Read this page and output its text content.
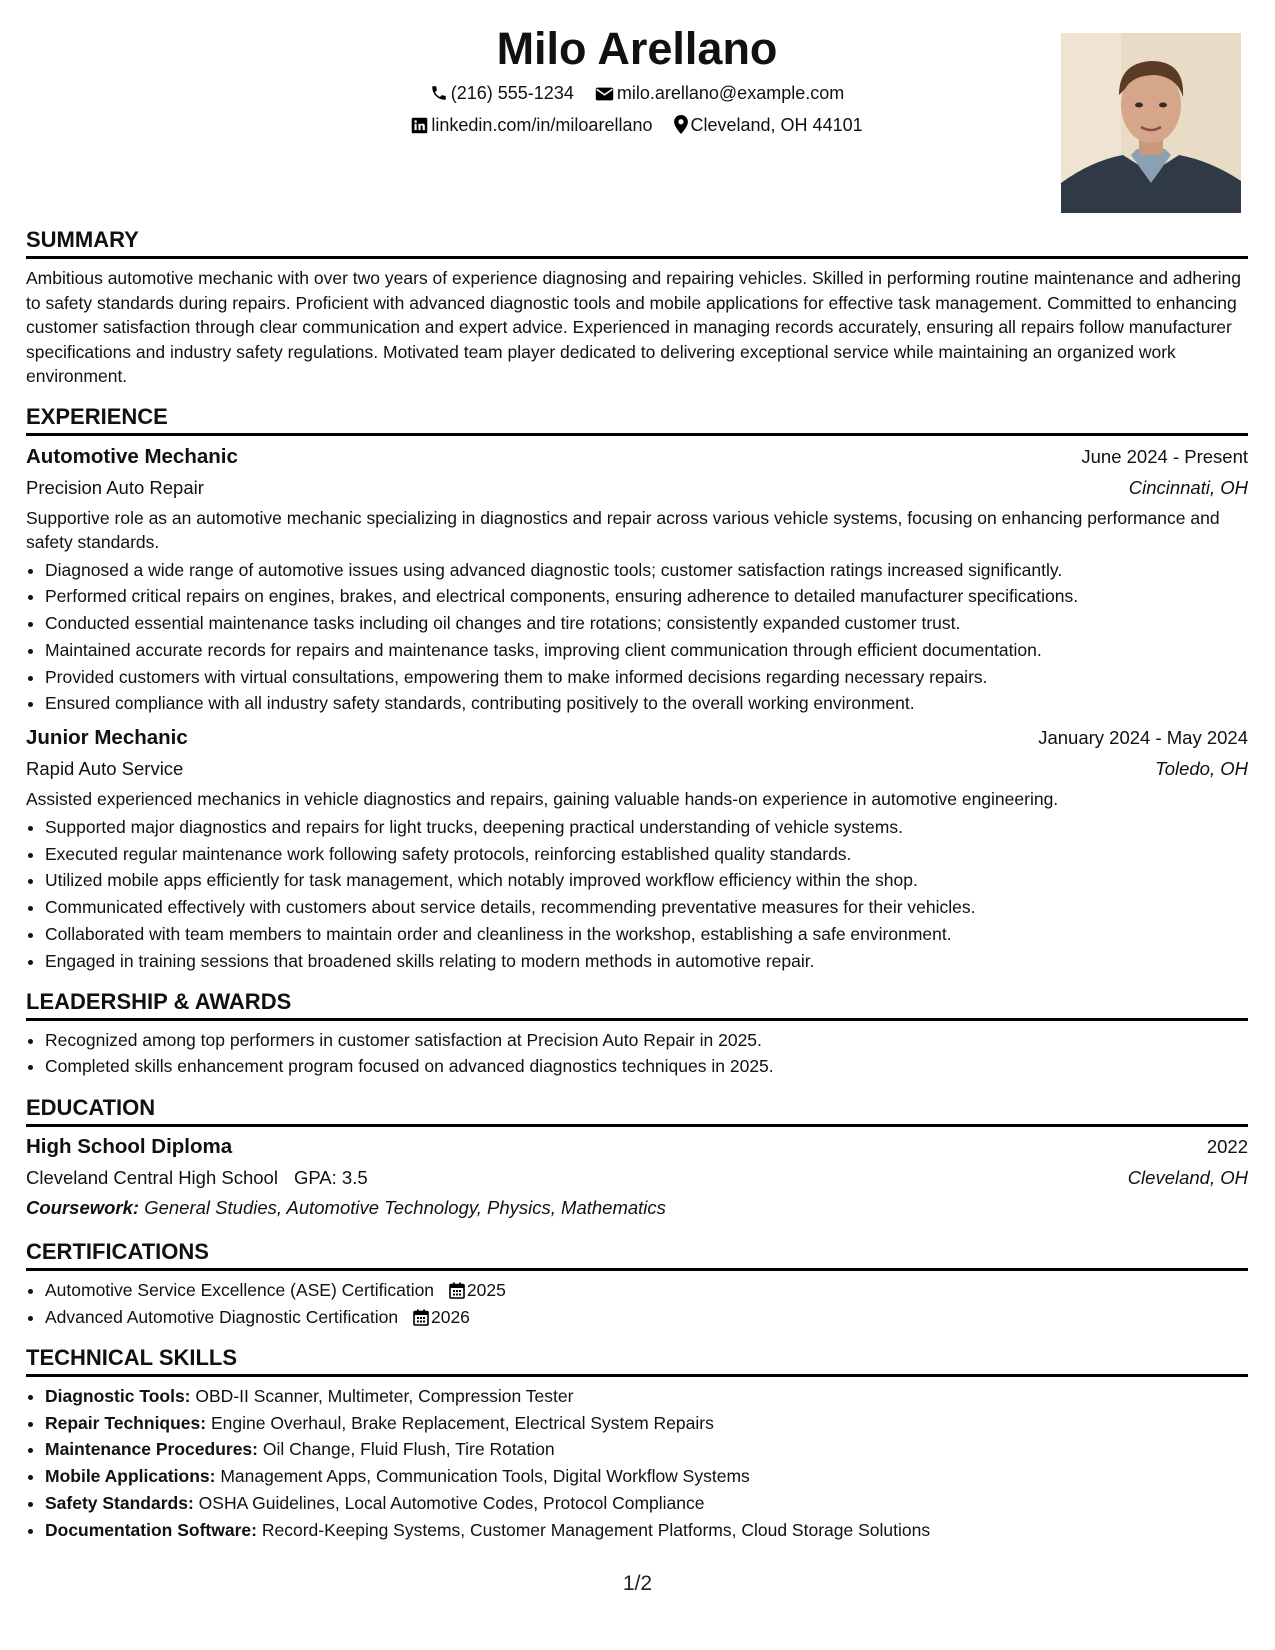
Milo Arellano
(216) 555-1234 milo.arellano@example.com
linkedin.com/in/miloarellano Cleveland, OH 44101
SUMMARY

Ambitious automotive mechanic with over two years of experience diagnosing and repairing vehicles. Skilled in performing routine maintenance and adhering to safety standards during repairs. Proficient with advanced diagnostic tools and mobile applications for effective task management. Committed to enhancing customer satisfaction through clear communication and expert advice. Experienced in managing records accurately, ensuring all repairs follow manufacturer specifications and industry safety regulations. Motivated team player dedicated to delivering exceptional service while maintaining an organized work environment.

EXPERIENCE
Automotive Mechanic	June 2024 - Present
Precision Auto Repair	Cincinnati, OH

Supportive role as an automotive mechanic specializing in diagnostics and repair across various vehicle systems, focusing on enhancing performance and safety standards.

• Diagnosed a wide range of automotive issues using advanced diagnostic tools; customer satisfaction ratings increased significantly.
• Performed critical repairs on engines, brakes, and electrical components, ensuring adherence to detailed manufacturer specifications.
• Conducted essential maintenance tasks including oil changes and tire rotations; consistently expanded customer trust.
• Maintained accurate records for repairs and maintenance tasks, improving client communication through efficient documentation.
• Provided customers with virtual consultations, empowering them to make informed decisions regarding necessary repairs.
• Ensured compliance with all industry safety standards, contributing positively to the overall working environment.
Junior Mechanic	January 2024 - May 2024
Rapid Auto Service	Toledo, OH

Assisted experienced mechanics in vehicle diagnostics and repairs, gaining valuable hands-on experience in automotive engineering.

• Supported major diagnostics and repairs for light trucks, deepening practical understanding of vehicle systems.
• Executed regular maintenance work following safety protocols, reinforcing established quality standards.
• Utilized mobile apps efficiently for task management, which notably improved workflow efficiency within the shop.
• Communicated effectively with customers about service details, recommending preventative measures for their vehicles.
• Collaborated with team members to maintain order and cleanliness in the workshop, establishing a safe environment.
• Engaged in training sessions that broadened skills relating to modern methods in automotive repair.
LEADERSHIP & AWARDS
• Recognized among top performers in customer satisfaction at Precision Auto Repair in 2025.
• Completed skills enhancement program focused on advanced diagnostics techniques in 2025.
EDUCATION
High School Diploma	2022
Cleveland Central High School GPA: 3.5	Cleveland, OH
Coursework: General Studies, Automotive Technology, Physics, Mathematics
CERTIFICATIONS
• Automotive Service Excellence (ASE) Certification 2025
• Advanced Automotive Diagnostic Certification 2026
TECHNICAL SKILLS
• Diagnostic Tools: OBD-II Scanner, Multimeter, Compression Tester
• Repair Techniques: Engine Overhaul, Brake Replacement, Electrical System Repairs
• Maintenance Procedures: Oil Change, Fluid Flush, Tire Rotation
• Mobile Applications: Management Apps, Communication Tools, Digital Workflow Systems
• Safety Standards: OSHA Guidelines, Local Automotive Codes, Protocol Compliance
• Documentation Software: Record-Keeping Systems, Customer Management Platforms, Cloud Storage Solutions
1/2
